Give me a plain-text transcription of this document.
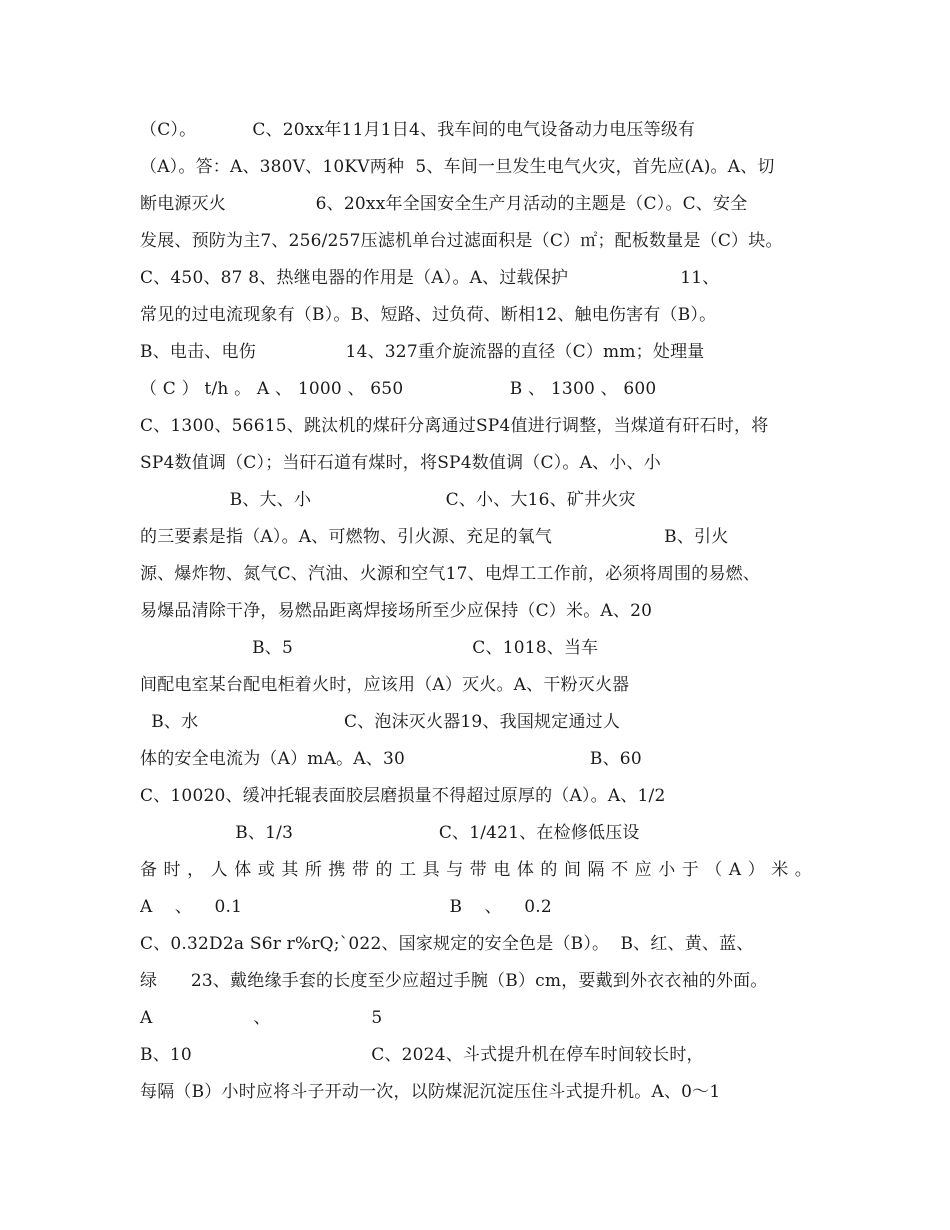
（C）。          C、20xx年11月1日4、我车间的电气设备动力电压等级有
（A）。答：A、380V、10KV两种  5、车间一旦发生电气火灾，首先应(A)。A、切
断电源灭火                6、20xx年全国安全生产月活动的主题是（C）。C、安全
发展、预防为主7、256/257压滤机单台过滤面积是（C）㎡；配板数量是（C）块。
C、450、87 8、热继电器的作用是（A）。A、过载保护                    11、
常见的过电流现象有（B）。B、短路、过负荷、断相12、触电伤害有（B）。
B、电击、电伤                14、327重介旋流器的直径（C）mm；处理量
（ C ） t/h 。 A 、 1000 、 650                   B 、 1300 、 600
C、1300、56615、跳汰机的煤矸分离通过SP4值进行调整，当煤道有矸石时，将
SP4数值调（C）；当矸石道有煤时，将SP4数值调（C）。A、小、小
B、大、小                        C、小、大16、矿井火灾
的三要素是指（A）。A、可燃物、引火源、充足的氧气                    B、引火
源、爆炸物、氮气C、汽油、火源和空气17、电焊工工作前，必须将周围的易燃、
易爆品清除干净，易燃品距离焊接场所至少应保持（C）米。A、20
B、5                                C、1018、当车
间配电室某台配电柜着火时，应该用（A）灭火。A、干粉灭火器
B、水                          C、泡沫灭火器19、我国规定通过人
体的安全电流为（A）mA。A、30                                 B、60
C、10020、缓冲托辊表面胶层磨损量不得超过原厚的（A）。A、1/2
B、1/3                          C、1/421、在检修低压设
备时，人体或其所携带的工具与带电体的间隔不应小于（A）米。
A    、    0.1                                     B    、    0.2
C、0.32D2a S6r r%rQ;`022、国家规定的安全色是（B）。  B、红、黄、蓝、
绿      23、戴绝缘手套的长度至少应超过手腕（B）cm，要戴到外衣衣袖的外面。
A                  、                  5
B、10                                C、2024、斗式提升机在停车时间较长时，
每隔（B）小时应将斗子开动一次，以防煤泥沉淀压住斗式提升机。A、0～1
